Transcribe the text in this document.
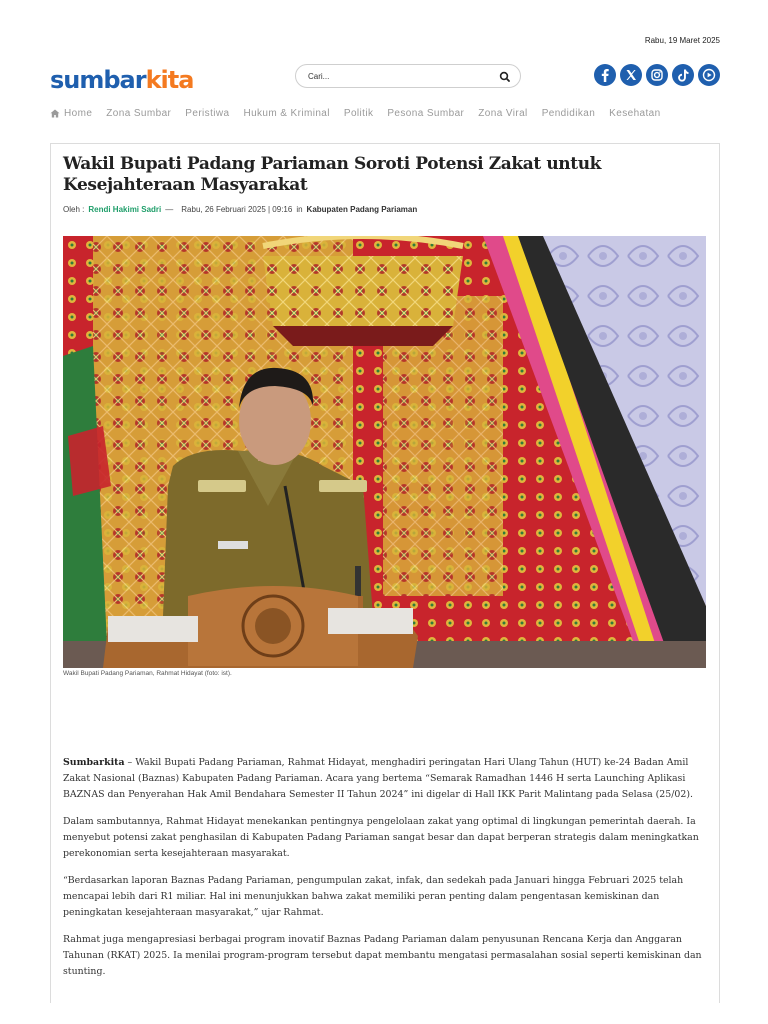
Rabu, 19 Maret 2025
sumbarkita
Cari...
Home Zona Sumbar Peristiwa Hukum & Kriminal Politik Pesona Sumbar Zona Viral Pendidikan Kesehatan
Wakil Bupati Padang Pariaman Soroti Potensi Zakat untuk Kesejahteraan Masyarakat
Oleh : Rendi Hakimi Sadri — Rabu, 26 Februari 2025 | 09:16 in Kabupaten Padang Pariaman
Wakil Bupati Padang Pariaman, Rahmat Hidayat (foto: ist).

Sumbarkita – Wakil Bupati Padang Pariaman, Rahmat Hidayat, menghadiri peringatan Hari Ulang Tahun (HUT) ke-24 Badan Amil Zakat Nasional (Baznas) Kabupaten Padang Pariaman. Acara yang bertema “Semarak Ramadhan 1446 H serta Launching Aplikasi BAZNAS dan Penyerahan Hak Amil Bendahara Semester II Tahun 2024” ini digelar di Hall IKK Parit Malintang pada Selasa (25/02).

Dalam sambutannya, Rahmat Hidayat menekankan pentingnya pengelolaan zakat yang optimal di lingkungan pemerintah daerah. Ia menyebut potensi zakat penghasilan di Kabupaten Padang Pariaman sangat besar dan dapat berperan strategis dalam meningkatkan perekonomian serta kesejahteraan masyarakat.

“Berdasarkan laporan Baznas Padang Pariaman, pengumpulan zakat, infak, dan sedekah pada Januari hingga Februari 2025 telah mencapai lebih dari R1 miliar. Hal ini menunjukkan bahwa zakat memiliki peran penting dalam pengentasan kemiskinan dan peningkatan kesejahteraan masyarakat,” ujar Rahmat.

Rahmat juga mengapresiasi berbagai program inovatif Baznas Padang Pariaman dalam penyusunan Rencana Kerja dan Anggaran Tahunan (RKAT) 2025. Ia menilai program-program tersebut dapat membantu mengatasi permasalahan sosial seperti kemiskinan dan stunting.
